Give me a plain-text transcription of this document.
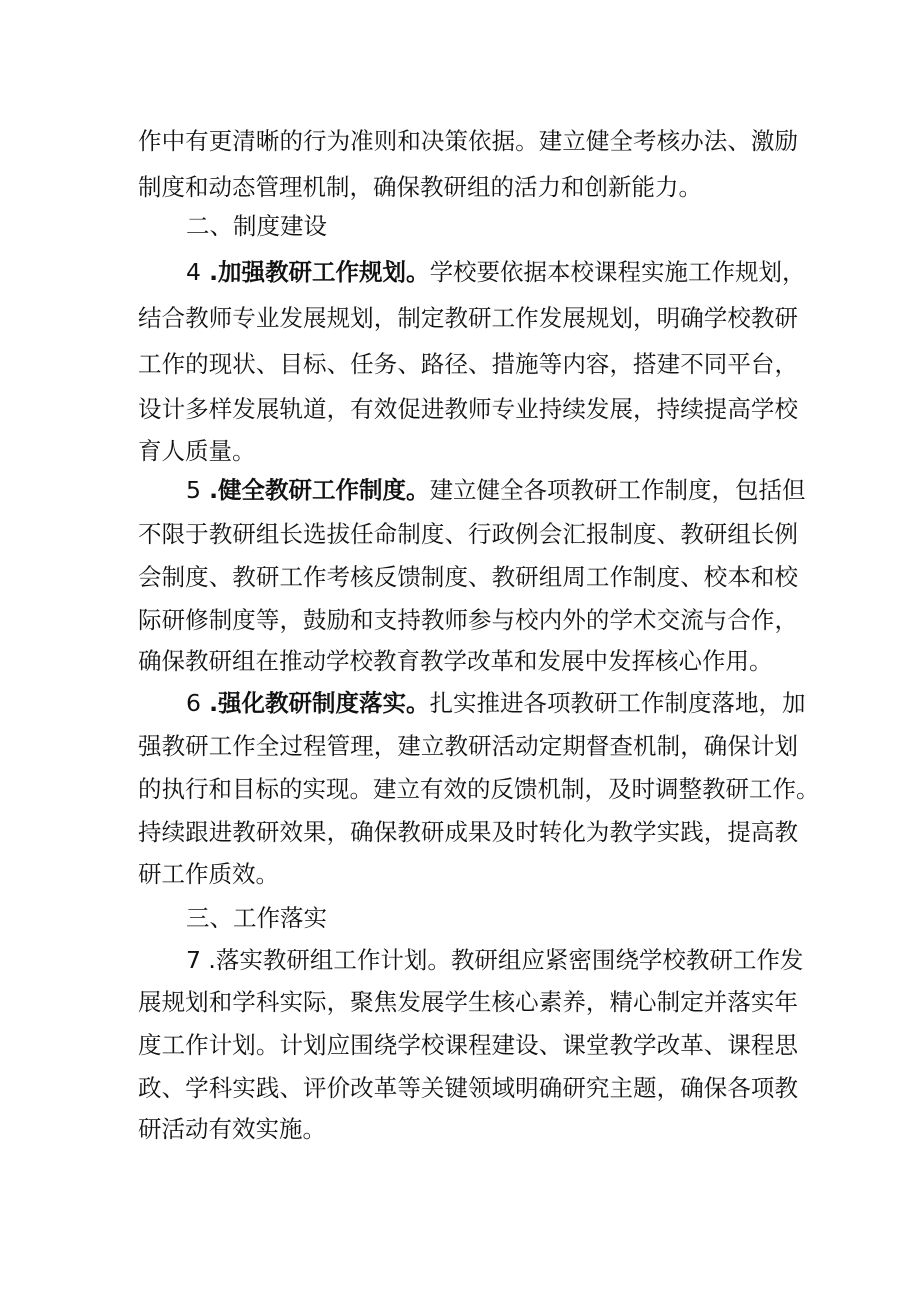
作中有更清晰的行为准则和决策依据。建立健全考核办法、激励
制度和动态管理机制，确保教研组的活力和创新能力。
二、制度建设
4 .加强教研工作规划。学校要依据本校课程实施工作规划，
结合教师专业发展规划，制定教研工作发展规划，明确学校教研
工作的现状、目标、任务、路径、措施等内容，搭建不同平台，
设计多样发展轨道，有效促进教师专业持续发展，持续提高学校
育人质量。
5 .健全教研工作制度。建立健全各项教研工作制度，包括但
不限于教研组长选拔任命制度、行政例会汇报制度、教研组长例
会制度、教研工作考核反馈制度、教研组周工作制度、校本和校
际研修制度等，鼓励和支持教师参与校内外的学术交流与合作，
确保教研组在推动学校教育教学改革和发展中发挥核心作用。
6 .强化教研制度落实。扎实推进各项教研工作制度落地，加
强教研工作全过程管理，建立教研活动定期督查机制，确保计划
的执行和目标的实现。建立有效的反馈机制，及时调整教研工作。
持续跟进教研效果，确保教研成果及时转化为教学实践，提高教
研工作质效。
三、工作落实
7 .落实教研组工作计划。教研组应紧密围绕学校教研工作发
展规划和学科实际，聚焦发展学生核心素养，精心制定并落实年
度工作计划。计划应围绕学校课程建设、课堂教学改革、课程思
政、学科实践、评价改革等关键领域明确研究主题，确保各项教
研活动有效实施。
